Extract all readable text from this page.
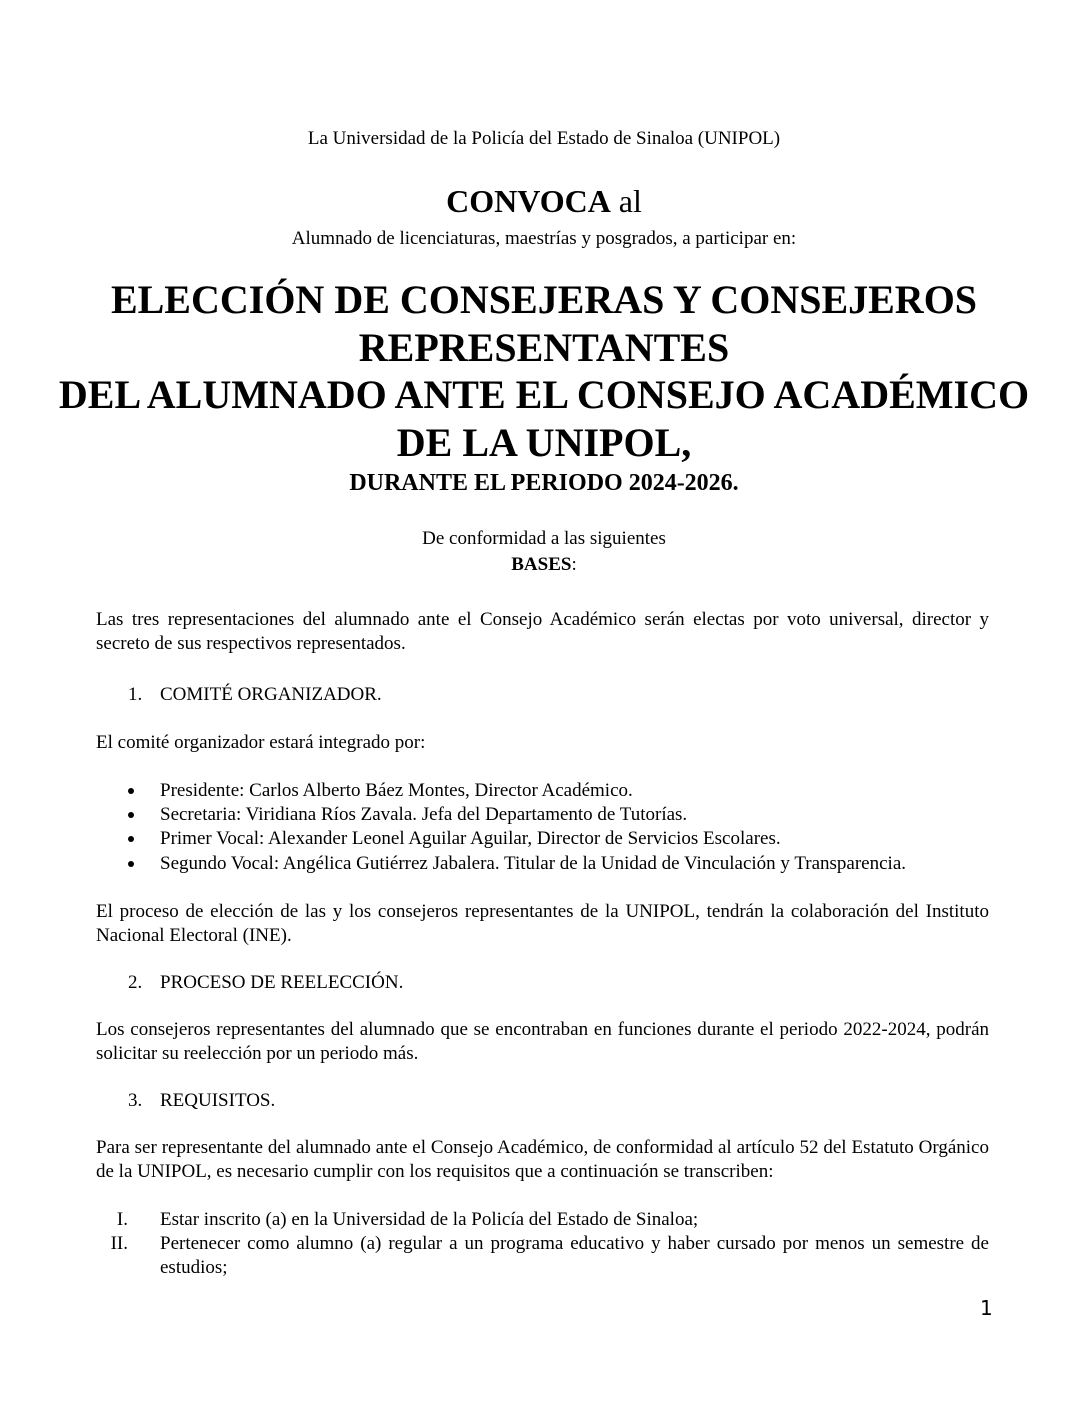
La Universidad de la Policía del Estado de Sinaloa (UNIPOL)
CONVOCA al
Alumnado de licenciaturas, maestrías y posgrados, a participar en:
ELECCIÓN DE CONSEJERAS Y CONSEJEROS
REPRESENTANTES
DEL ALUMNADO ANTE EL CONSEJO ACADÉMICO
DE LA UNIPOL,
DURANTE EL PERIODO 2024-2026.
De conformidad a las siguientes
BASES:
Las tres representaciones del alumnado ante el Consejo Académico serán electas por voto universal, director y secreto de sus respectivos representados.
1. COMITÉ ORGANIZADOR.
El comité organizador estará integrado por:
Presidente: Carlos Alberto Báez Montes, Director Académico.
Secretaria: Viridiana Ríos Zavala. Jefa del Departamento de Tutorías.
Primer Vocal: Alexander Leonel Aguilar Aguilar, Director de Servicios Escolares.
Segundo Vocal: Angélica Gutiérrez Jabalera. Titular de la Unidad de Vinculación y Transparencia.
El proceso de elección de las y los consejeros representantes de la UNIPOL, tendrán la colaboración del Instituto Nacional Electoral (INE).
2. PROCESO DE REELECCIÓN.
Los consejeros representantes del alumnado que se encontraban en funciones durante el periodo 2022-2024, podrán solicitar su reelección por un periodo más.
3. REQUISITOS.
Para ser representante del alumnado ante el Consejo Académico, de conformidad al artículo 52 del Estatuto Orgánico de la UNIPOL, es necesario cumplir con los requisitos que a continuación se transcriben:
I. Estar inscrito (a) en la Universidad de la Policía del Estado de Sinaloa;
II. Pertenecer como alumno (a) regular a un programa educativo y haber cursado por menos un semestre de estudios;
1
